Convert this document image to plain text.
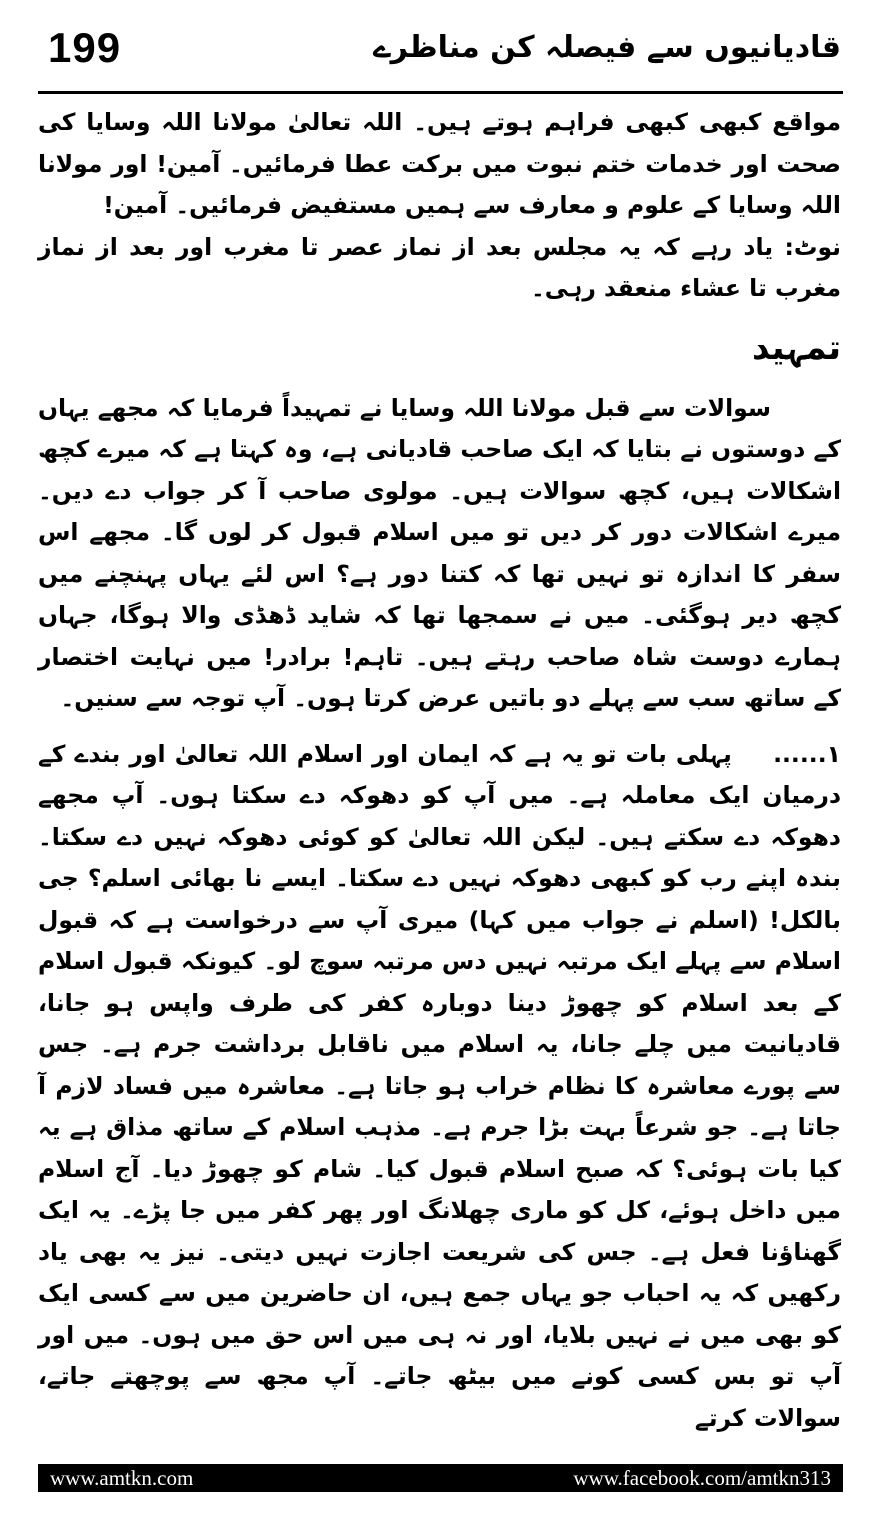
199	قادیانیوں سے فیصلہ کن مناظرے

مواقع کبھی کبھی فراہم ہوتے ہیں۔ اللہ تعالیٰ مولانا اللہ وسایا کی صحت اور خدمات ختم نبوت میں برکت عطا فرمائیں۔ آمین! اور مولانا اللہ وسایا کے علوم و معارف سے ہمیں مستفیض فرمائیں۔ آمین!

نوٹ: یاد رہے کہ یہ مجلس بعد از نماز عصر تا مغرب اور بعد از نماز مغرب تا عشاء منعقد رہی۔

تمہید

سوالات سے قبل مولانا اللہ وسایا نے تمہیداً فرمایا کہ مجھے یہاں کے دوستوں نے بتایا کہ ایک صاحب قادیانی ہے، وہ کہتا ہے کہ میرے کچھ اشکالات ہیں، کچھ سوالات ہیں۔ مولوی صاحب آ کر جواب دے دیں۔ میرے اشکالات دور کر دیں تو میں اسلام قبول کر لوں گا۔ مجھے اس سفر کا اندازہ تو نہیں تھا کہ کتنا دور ہے؟ اس لئے یہاں پہنچنے میں کچھ دیر ہوگئی۔ میں نے سمجھا تھا کہ شاید ڈھڈی والا ہوگا، جہاں ہمارے دوست شاہ صاحب رہتے ہیں۔ تاہم! برادر! میں نہایت اختصار کے ساتھ سب سے پہلے دو باتیں عرض کرتا ہوں۔ آپ توجہ سے سنیں۔

۱...... پہلی بات تو یہ ہے کہ ایمان اور اسلام اللہ تعالیٰ اور بندے کے درمیان ایک معاملہ ہے۔ میں آپ کو دھوکہ دے سکتا ہوں۔ آپ مجھے دھوکہ دے سکتے ہیں۔ لیکن اللہ تعالیٰ کو کوئی دھوکہ نہیں دے سکتا۔ بندہ اپنے رب کو کبھی دھوکہ نہیں دے سکتا۔ ایسے نا بھائی اسلم؟ جی بالکل! (اسلم نے جواب میں کہا) میری آپ سے درخواست ہے کہ قبول اسلام سے پہلے ایک مرتبہ نہیں دس مرتبہ سوچ لو۔ کیونکہ قبول اسلام کے بعد اسلام کو چھوڑ دینا دوبارہ کفر کی طرف واپس ہو جانا، قادیانیت میں چلے جانا، یہ اسلام میں ناقابل برداشت جرم ہے۔ جس سے پورے معاشرہ کا نظام خراب ہو جاتا ہے۔ معاشرہ میں فساد لازم آ جاتا ہے۔ جو شرعاً بہت بڑا جرم ہے۔ مذہب اسلام کے ساتھ مذاق ہے یہ کیا بات ہوئی؟ کہ صبح اسلام قبول کیا۔ شام کو چھوڑ دیا۔ آج اسلام میں داخل ہوئے، کل کو ماری چھلانگ اور پھر کفر میں جا پڑے۔ یہ ایک گھناؤنا فعل ہے۔ جس کی شریعت اجازت نہیں دیتی۔ نیز یہ بھی یاد رکھیں کہ یہ احباب جو یہاں جمع ہیں، ان حاضرین میں سے کسی ایک کو بھی میں نے نہیں بلایا، اور نہ ہی میں اس حق میں ہوں۔ میں اور آپ تو بس کسی کونے میں بیٹھ جاتے۔ آپ مجھ سے پوچھتے جاتے، سوالات کرتے

www.amtkn.com	www.facebook.com/amtkn313
